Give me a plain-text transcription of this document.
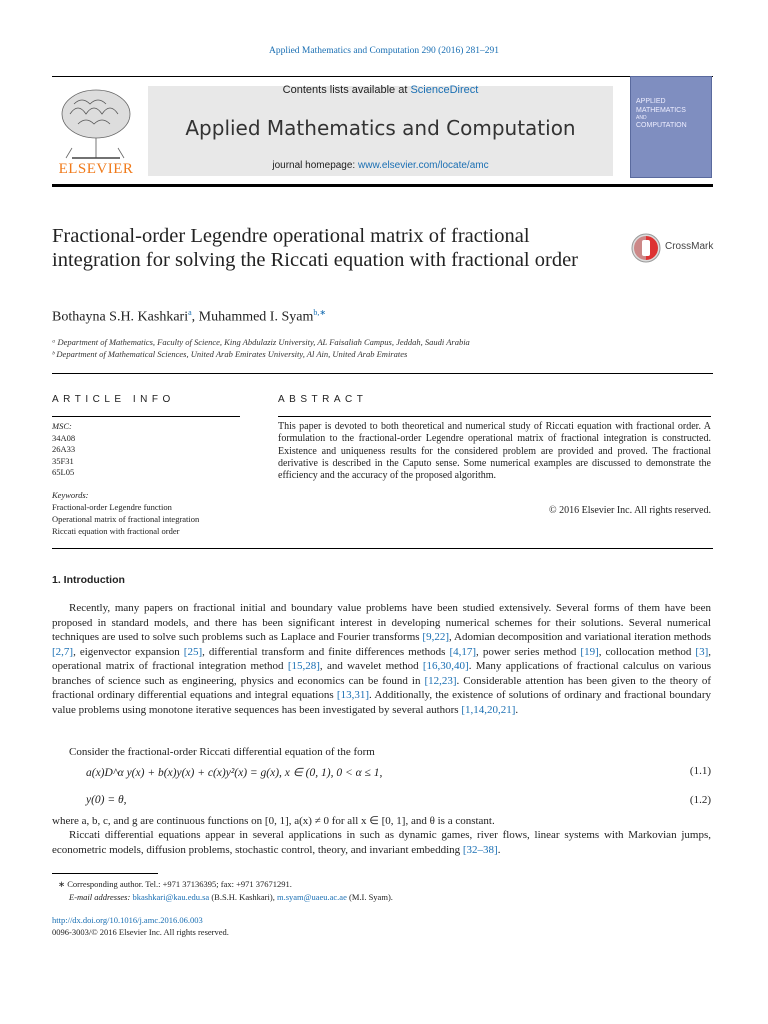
Applied Mathematics and Computation 290 (2016) 281–291
ELSEVIER
Contents lists available at ScienceDirect
Applied Mathematics and Computation
journal homepage: www.elsevier.com/locate/amc
APPLIED
MATHEMATICS
AND
COMPUTATION
Fractional-order Legendre operational matrix of fractional integration for solving the Riccati equation with fractional order
CrossMark
Bothayna S.H. Kashkari$^a$, Muhammed I. Syam$^{b,∗}$
ᵃ Department of Mathematics, Faculty of Science, King Abdulaziz University, AL Faisaliah Campus, Jeddah, Saudi Arabia
ᵇ Department of Mathematical Sciences, United Arab Emirates University, Al Ain, United Arab Emirates
ARTICLE INFO	ABSTRACT
MSC:
34A08
26A33
35F31
65L05
Keywords:
Fractional-order Legendre function
Operational matrix of fractional integration
Riccati equation with fractional order
This paper is devoted to both theoretical and numerical study of Riccati equation with fractional order. A formulation to the fractional-order Legendre operational matrix of fractional integration is constructed. Existence and uniqueness results for the considered problem are provided and proved. The fractional derivative is described in the Caputo sense. Some numerical examples are discussed to demonstrate the efficiency and the accuracy of the proposed algorithm.
© 2016 Elsevier Inc. All rights reserved.
1. Introduction
Recently, many papers on fractional initial and boundary value problems have been studied extensively. Several forms of them have been proposed in standard models, and there has been significant interest in developing numerical schemes for their solutions. Several numerical techniques are used to solve such problems such as Laplace and Fourier transforms [9,22], Adomian decomposition and variational iteration methods [2,7], eigenvector expansion [25], differential transform and finite differences methods [4,17], power series method [19], collocation method [3], operational matrix of fractional integration method [15,28], and wavelet method [16,30,40]. Many applications of fractional calculus on various branches of science such as engineering, physics and economics can be found in [12,23]. Considerable attention has been given to the theory of fractional ordinary differential equations and integral equations [13,31]. Additionally, the existence of solutions of ordinary and fractional boundary value problems using monotone iterative sequences has been investigated by several authors [1,14,20,21].
Consider the fractional-order Riccati differential equation of the form
a(x)D^α y(x) + b(x)y(x) + c(x)y²(x) = g(x), x ∈ (0, 1), 0 < α ≤ 1,	(1.1)
y(0) = θ,	(1.2)
where a, b, c, and g are continuous functions on [0, 1], a(x) ≠ 0 for all x ∈ [0, 1], and θ is a constant.
Riccati differential equations appear in several applications in such as dynamic games, river flows, linear systems with Markovian jumps, econometric models, diffusion problems, stochastic control, theory, and invariant embedding [32–38].
∗ Corresponding author. Tel.: +971 37136395; fax: +971 37671291.
E-mail addresses: bkashkari@kau.edu.sa (B.S.H. Kashkari), m.syam@uaeu.ac.ae (M.I. Syam).
http://dx.doi.org/10.1016/j.amc.2016.06.003
0096-3003/© 2016 Elsevier Inc. All rights reserved.
